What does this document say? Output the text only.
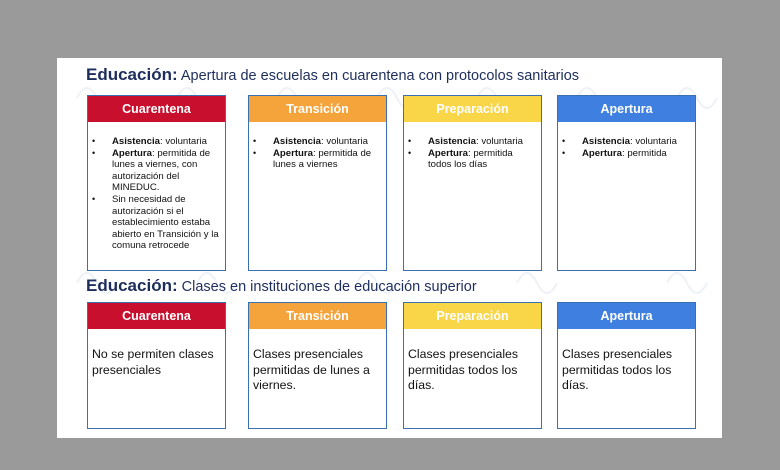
Educación: Apertura de escuelas en cuarentena con protocolos sanitarios
Cuarentena
• Asistencia: voluntaria
• Apertura: permitida de lunes a viernes, con autorización del MINEDUC.
• Sin necesidad de autorización si el establecimiento estaba abierto en Transición y la comuna retrocede
Transición
• Asistencia: voluntaria
• Apertura: permitida de lunes a viernes
Preparación
• Asistencia: voluntaria
• Apertura: permitida todos los días
Apertura
• Asistencia: voluntaria
• Apertura: permitida
Educación: Clases en instituciones de educación superior
Cuarentena
No se permiten clases presenciales
Transición
Clases presenciales permitidas de lunes a viernes.
Preparación
Clases presenciales permitidas todos los días.
Apertura
Clases presenciales permitidas todos los días.
